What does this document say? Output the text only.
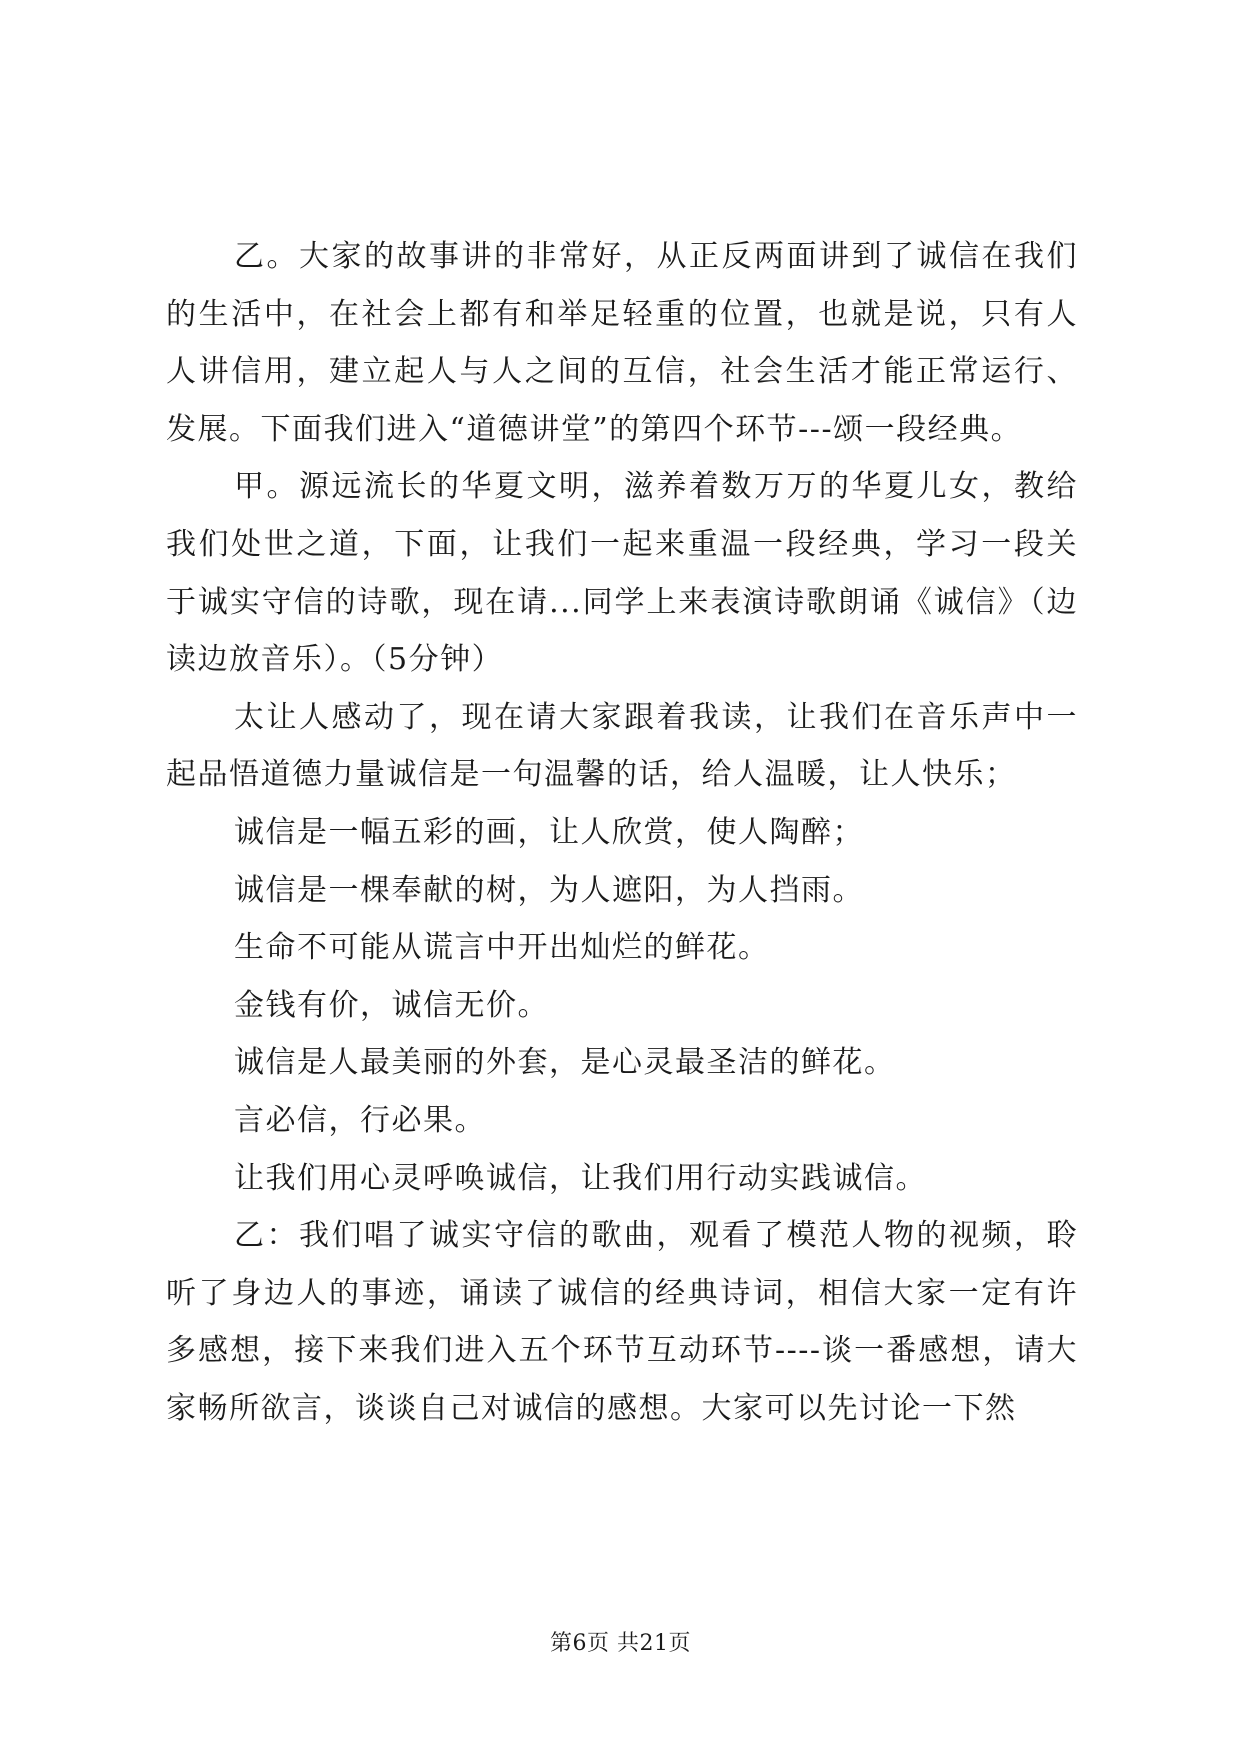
乙。大家的故事讲的非常好，从正反两面讲到了诚信在我们的生活中，在社会上都有和举足轻重的位置，也就是说，只有人人讲信用，建立起人与人之间的互信，社会生活才能正常运行、发展。下面我们进入“道德讲堂”的第四个环节---颂一段经典。

甲。源远流长的华夏文明，滋养着数万万的华夏儿女，教给我们处世之道，下面，让我们一起来重温一段经典，学习一段关于诚实守信的诗歌，现在请...同学上来表演诗歌朗诵《诚信》（边读边放音乐）。（5分钟）

太让人感动了，现在请大家跟着我读，让我们在音乐声中一起品悟道德力量诚信是一句温馨的话，给人温暖，让人快乐；

诚信是一幅五彩的画，让人欣赏，使人陶醉；

诚信是一棵奉献的树，为人遮阳，为人挡雨。

生命不可能从谎言中开出灿烂的鲜花。

金钱有价，诚信无价。

诚信是人最美丽的外套，是心灵最圣洁的鲜花。

言必信，行必果。

让我们用心灵呼唤诚信，让我们用行动实践诚信。

乙：我们唱了诚实守信的歌曲，观看了模范人物的视频，聆听了身边人的事迹，诵读了诚信的经典诗词，相信大家一定有许多感想，接下来我们进入五个环节互动环节----谈一番感想，请大家畅所欲言，谈谈自己对诚信的感想。大家可以先讨论一下然

第6页 共21页
